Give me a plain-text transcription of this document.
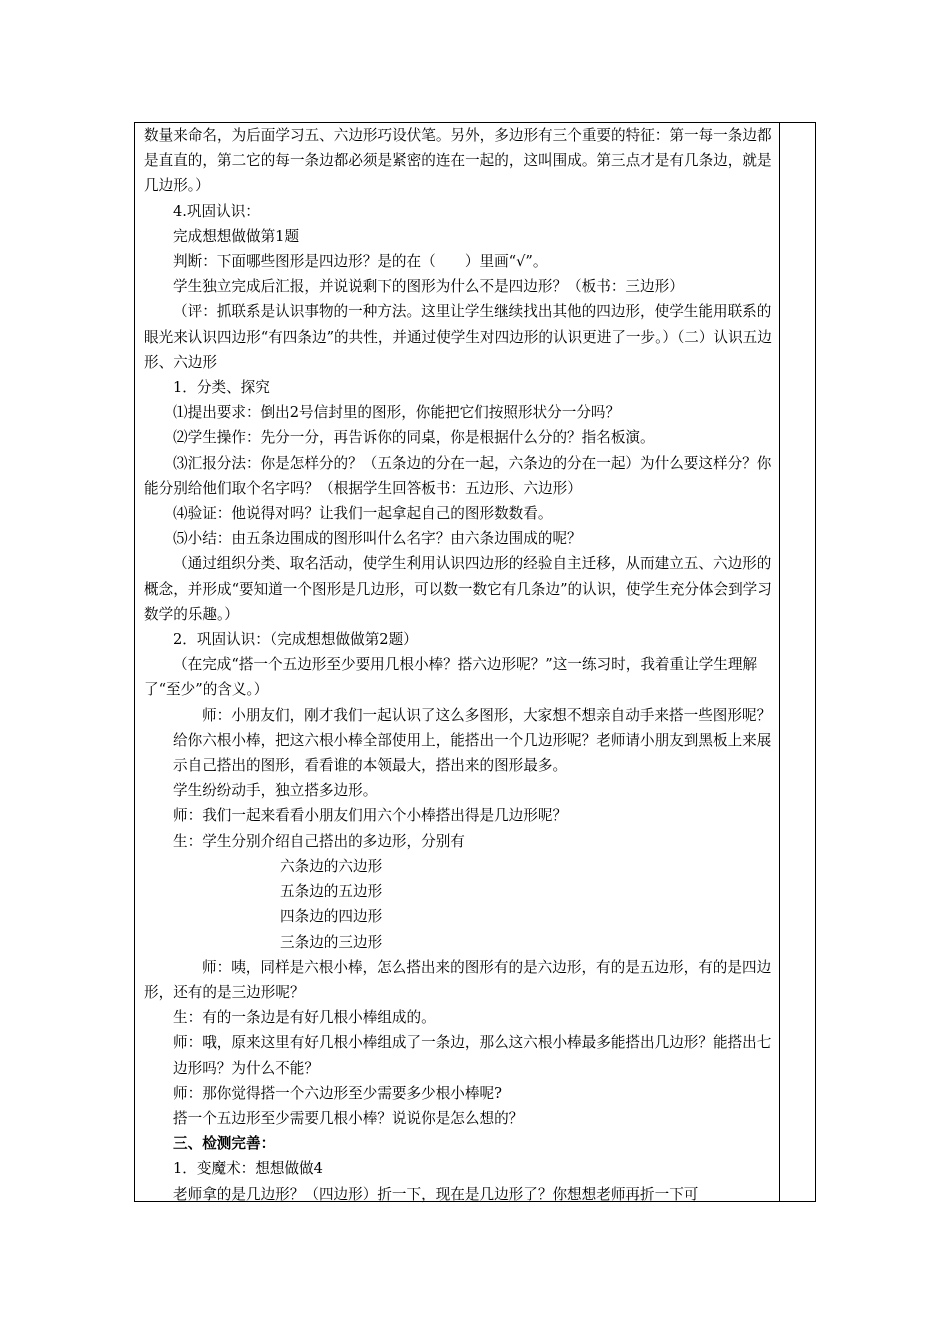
数量来命名，为后面学习五、六边形巧设伏笔。另外，多边形有三个重要的特征：第一每一条边都是直直的，第二它的每一条边都必须是紧密的连在一起的，这叫围成。第三点才是有几条边，就是几边形。）

4.巩固认识：

完成想想做做第1题

判断：下面哪些图形是四边形？是的在（　　）里画“√”。

学生独立完成后汇报，并说说剩下的图形为什么不是四边形？（板书：三边形）

（评：抓联系是认识事物的一种方法。这里让学生继续找出其他的四边形，使学生能用联系的眼光来认识四边形“有四条边”的共性，并通过使学生对四边形的认识更进了一步。）（二）认识五边形、六边形

1．分类、探究

⑴提出要求：倒出2号信封里的图形，你能把它们按照形状分一分吗？

⑵学生操作：先分一分，再告诉你的同桌，你是根据什么分的？指名板演。

⑶汇报分法：你是怎样分的？（五条边的分在一起，六条边的分在一起）为什么要这样分？你能分别给他们取个名字吗？（根据学生回答板书：五边形、六边形）

⑷验证：他说得对吗？让我们一起拿起自己的图形数数看。

⑸小结：由五条边围成的图形叫什么名字？由六条边围成的呢？

（通过组织分类、取名活动，使学生利用认识四边形的经验自主迁移，从而建立五、六边形的概念，并形成“要知道一个图形是几边形，可以数一数它有几条边”的认识，使学生充分体会到学习数学的乐趣。）

2．巩固认识：（完成想想做做第2题）

（在完成“搭一个五边形至少要用几根小棒？搭六边形呢？”这一练习时，我着重让学生理解了“至少”的含义。）

师：小朋友们，刚才我们一起认识了这么多图形，大家想不想亲自动手来搭一些图形呢？给你六根小棒，把这六根小棒全部使用上，能搭出一个几边形呢？老师请小朋友到黑板上来展示自己搭出的图形，看看谁的本领最大，搭出来的图形最多。

学生纷纷动手，独立搭多边形。

师：我们一起来看看小朋友们用六个小棒搭出得是几边形呢？

生：学生分别介绍自己搭出的多边形，分别有

六条边的六边形

五条边的五边形

四条边的四边形

三条边的三边形

师：咦，同样是六根小棒，怎么搭出来的图形有的是六边形，有的是五边形，有的是四边形，还有的是三边形呢？

生：有的一条边是有好几根小棒组成的。

师：哦，原来这里有好几根小棒组成了一条边，那么这六根小棒最多能搭出几边形？能搭出七边形吗？为什么不能？

师：那你觉得搭一个六边形至少需要多少根小棒呢?

搭一个五边形至少需要几根小棒？说说你是怎么想的？

三、检测完善：

1．变魔术：想想做做4

老师拿的是几边形？（四边形）折一下，现在是几边形了？你想想老师再折一下可
